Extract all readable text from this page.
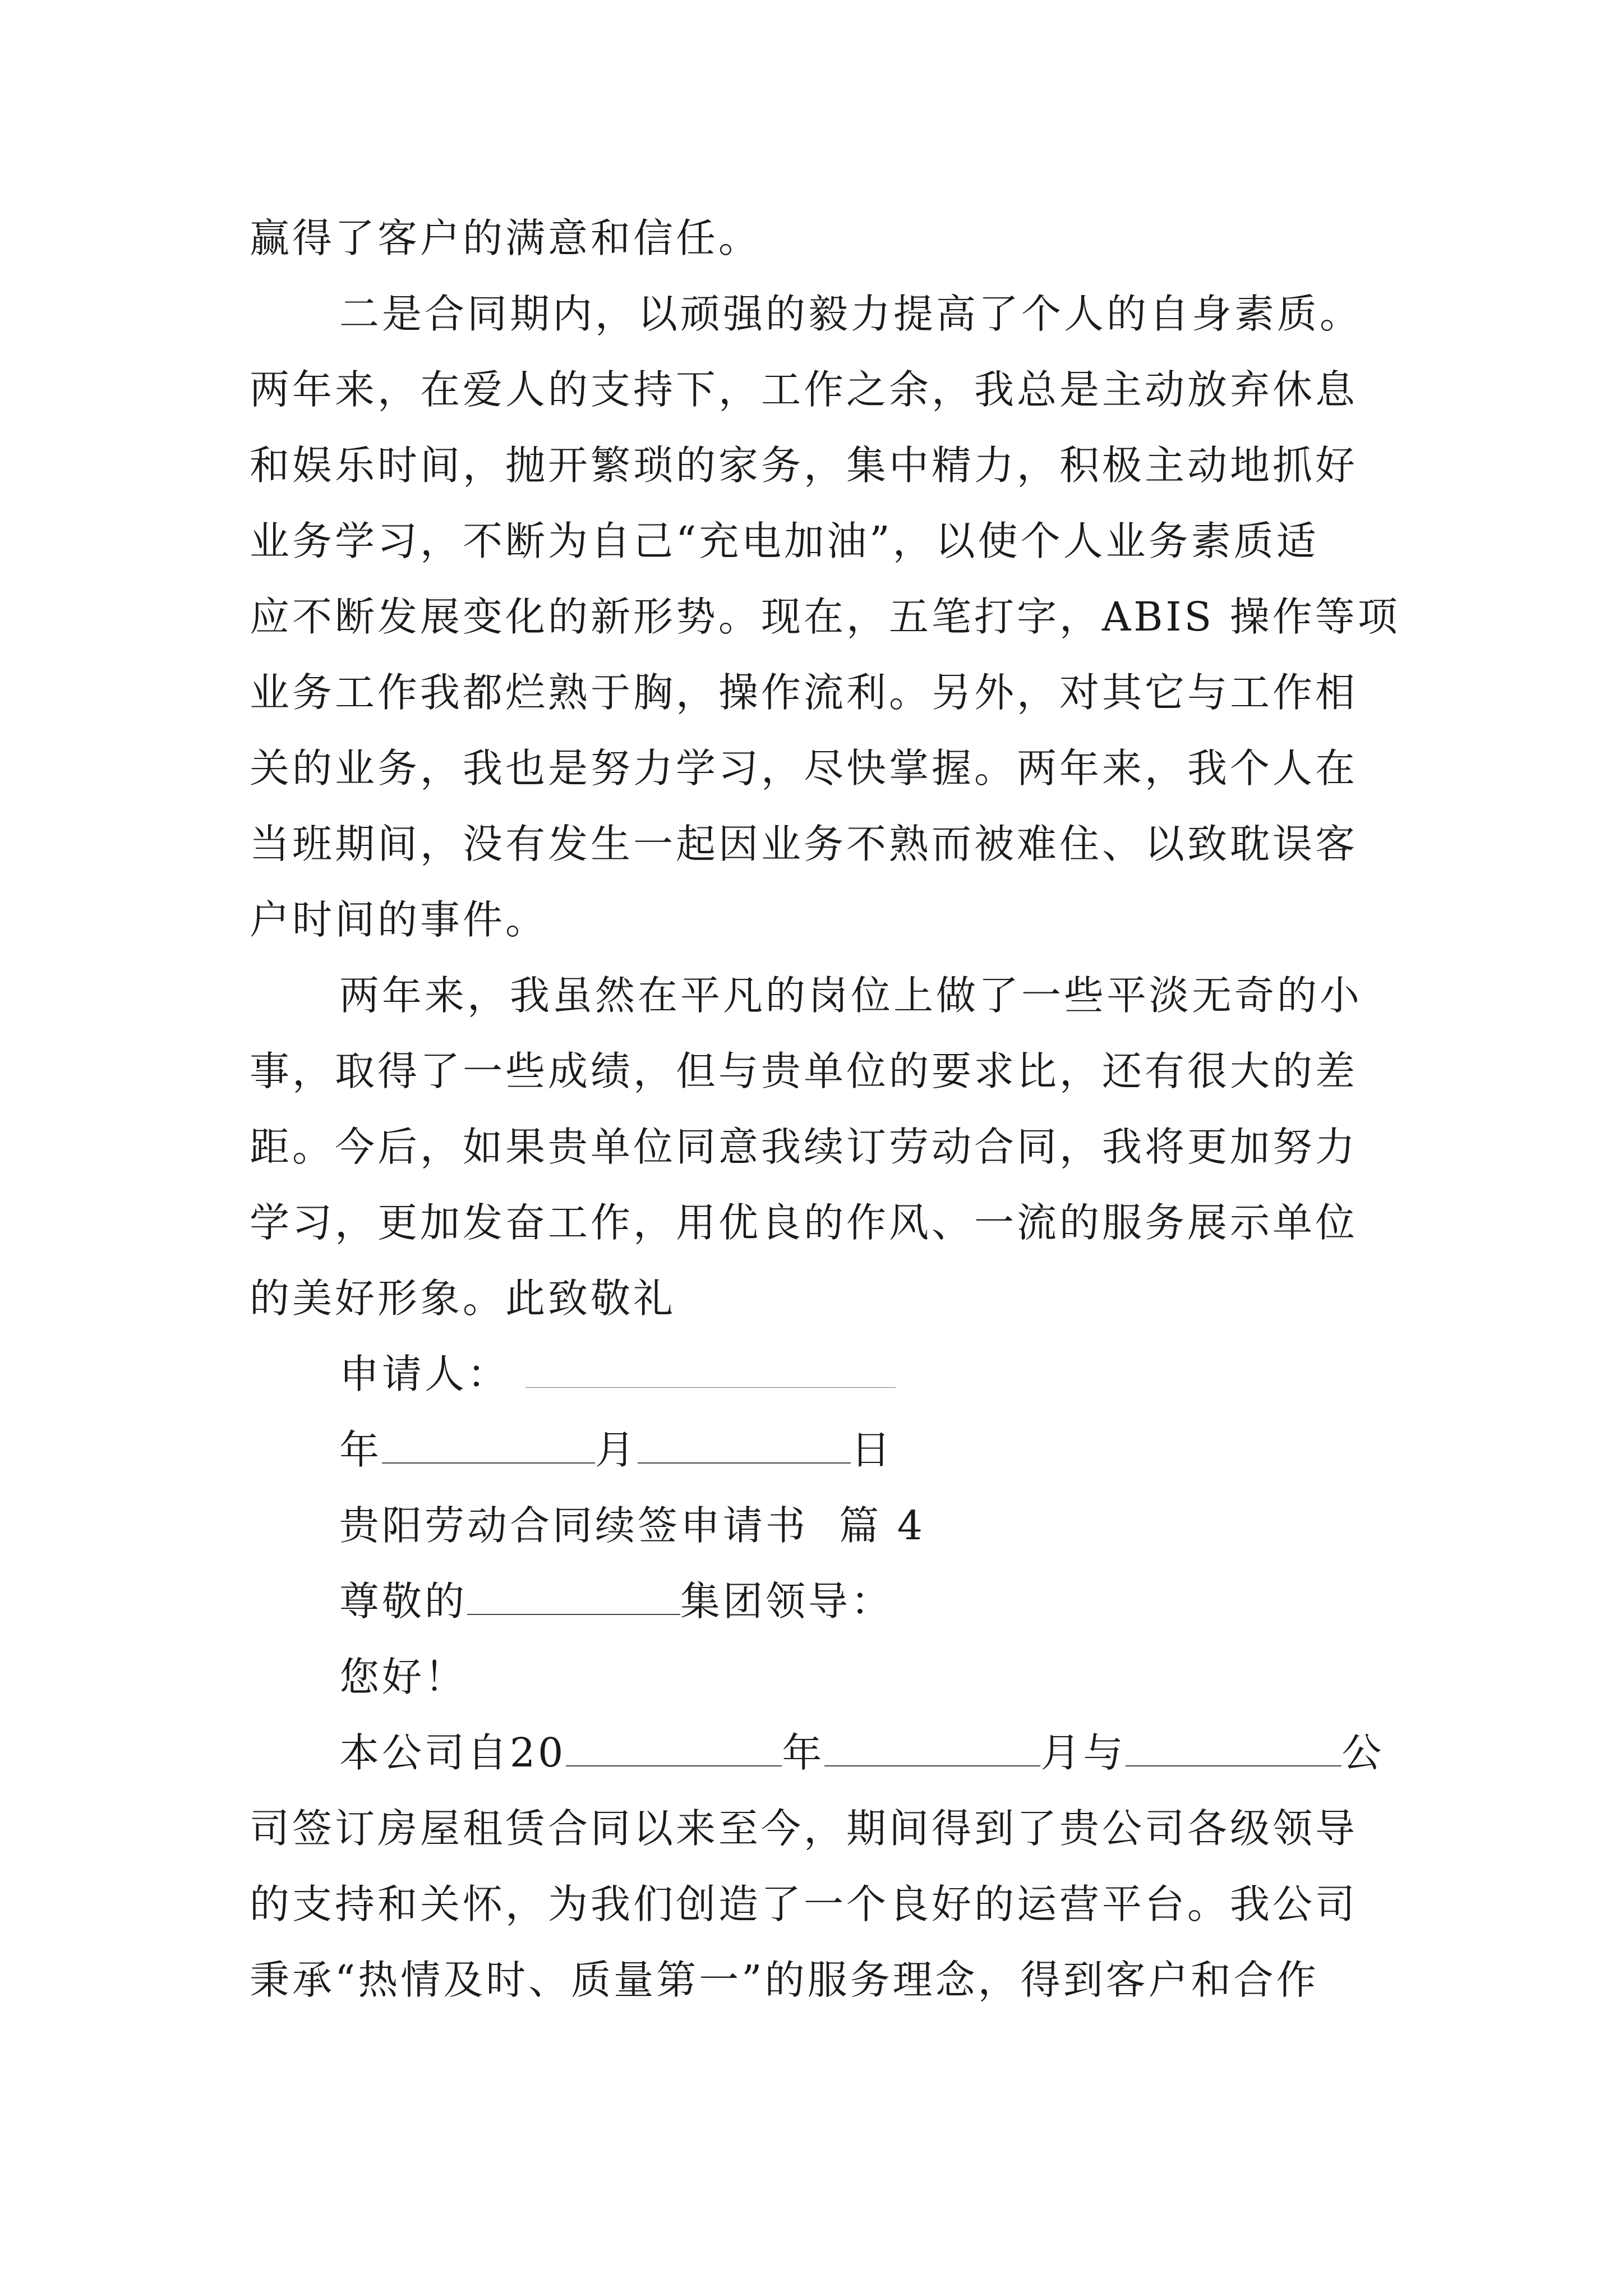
赢得了客户的满意和信任。
二是合同期内，以顽强的毅力提高了个人的自身素质。
两年来，在爱人的支持下，工作之余，我总是主动放弃休息
和娱乐时间，抛开繁琐的家务，集中精力，积极主动地抓好
业务学习，不断为自己“充电加油”，以使个人业务素质适
应不断发展变化的新形势。现在，五笔打字，ABIS 操作等项
业务工作我都烂熟于胸，操作流利。另外，对其它与工作相
关的业务，我也是努力学习，尽快掌握。两年来，我个人在
当班期间，没有发生一起因业务不熟而被难住、以致耽误客
户时间的事件。
两年来，我虽然在平凡的岗位上做了一些平淡无奇的小
事，取得了一些成绩，但与贵单位的要求比，还有很大的差
距。今后，如果贵单位同意我续订劳动合同，我将更加努力
学习，更加发奋工作，用优良的作风、一流的服务展示单位
的美好形象。此致敬礼
申请人：
年	月	日
贵阳劳动合同续签申请书  篇 4
尊敬的	集团领导：
您好！
本公司自20	年	月与	公
司签订房屋租赁合同以来至今，期间得到了贵公司各级领导
的支持和关怀，为我们创造了一个良好的运营平台。我公司
秉承“热情及时、质量第一”的服务理念，得到客户和合作
